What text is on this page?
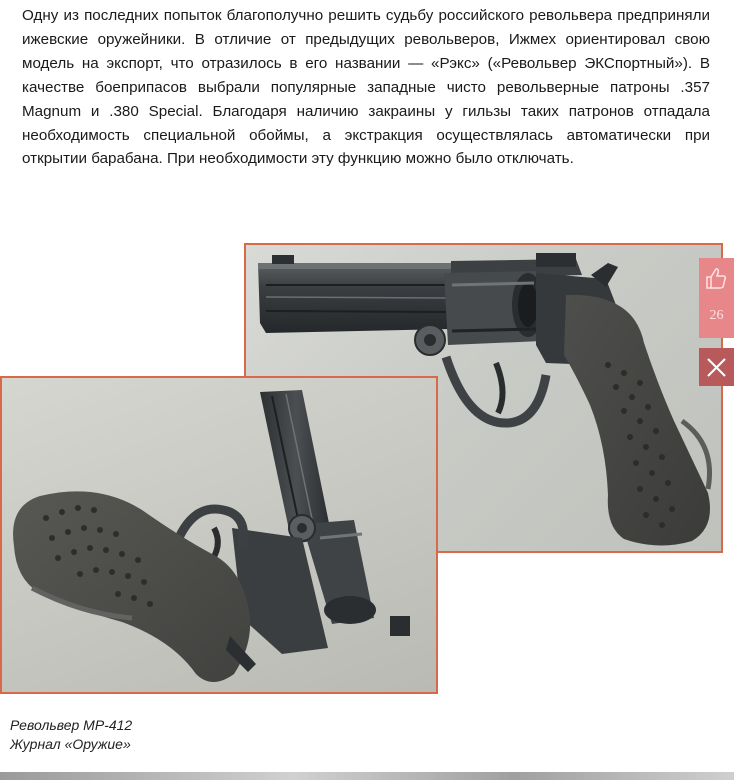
Одну из последних попыток благополучно решить судьбу российского револьвера предприняли ижевские оружейники. В отличие от предыдущих револьверов, Ижмех ориентировал свою модель на экспорт, что отразилось в его названии — «Рэкс» («Револьвер ЭКСпортный»). В качестве боеприпасов выбрали популярные западные чисто револьверные патроны .357 Magnum и .380 Special. Благодаря наличию закраины у гильзы таких патронов отпадала необходимость специальной обоймы, а экстракция осуществлялась автоматически при открытии барабана. При необходимости эту функцию можно было отключать.
Револьвер МР-412
Журнал «Оружие»
26
